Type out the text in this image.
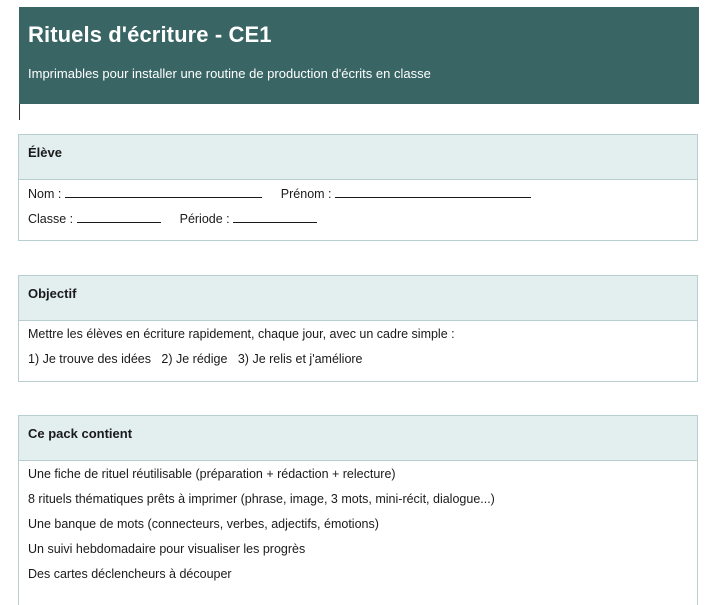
Rituels d'écriture - CE1
Imprimables pour installer une routine de production d'écrits en classe
Élève
Nom :	Prénom :
Classe :	Période :
Objectif
Mettre les élèves en écriture rapidement, chaque jour, avec un cadre simple :
1) Je trouve des idées 2) Je rédige 3) Je relis et j'améliore
Ce pack contient
Une fiche de rituel réutilisable (préparation + rédaction + relecture)
8 rituels thématiques prêts à imprimer (phrase, image, 3 mots, mini-récit, dialogue...)
Une banque de mots (connecteurs, verbes, adjectifs, émotions)
Un suivi hebdomadaire pour visualiser les progrès
Des cartes déclencheurs à découper
